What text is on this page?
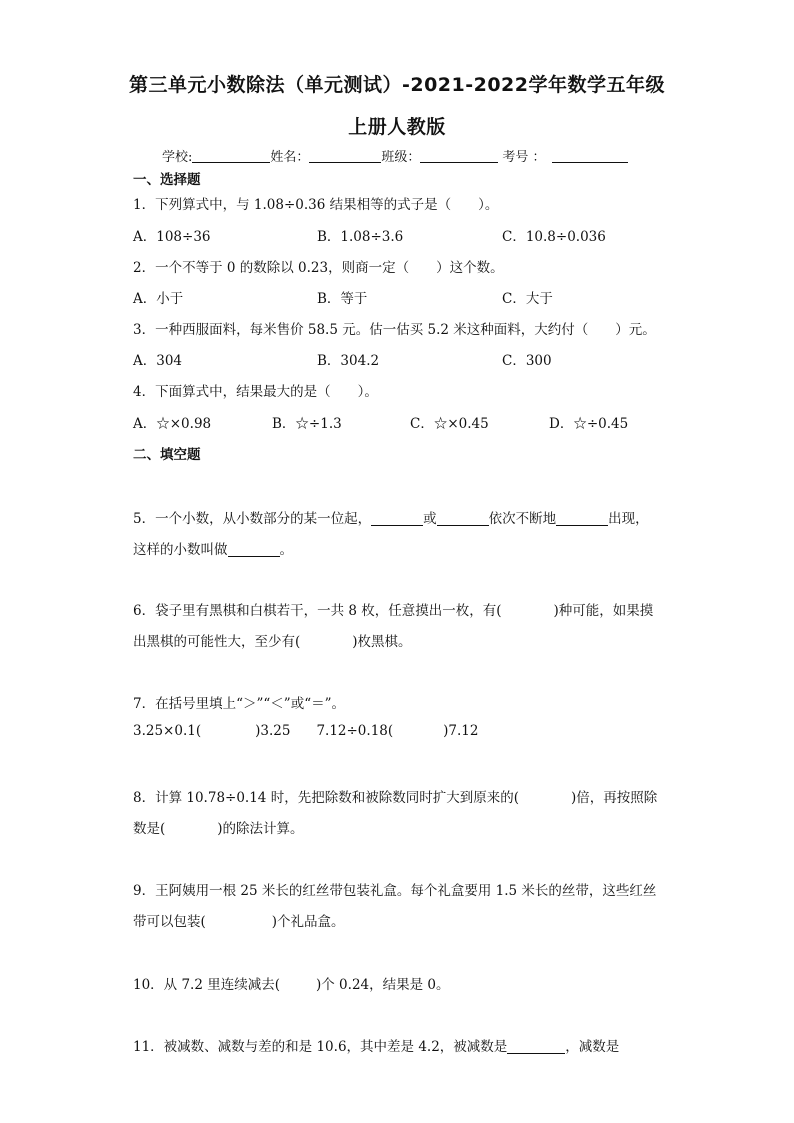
第三单元小数除法（单元测试）-2021-2022学年数学五年级
上册人教版
学校:	姓名：	班级：	考号 ：
一、选择题
1．下列算式中，与 1.08÷0.36 结果相等的式子是（　　）。
A．108÷36	B．1.08÷3.6	C．10.8÷0.036
2．一个不等于 0 的数除以 0.23，则商一定（　　）这个数。
A．小于	B．等于	C．大于
3．一种西服面料，每米售价 58.5 元。估一估买 5.2 米这种面料，大约付（　　）元。
A．304	B．304.2	C．300
4．下面算式中，结果最大的是（　　）。
A．☆×0.98	B．☆÷1.3	C．☆×0.45	D．☆÷0.45
二、填空题
5．一个小数，从小数部分的某一位起，	或	依次不断地	出现，
这样的小数叫做	。
6．袋子里有黑棋和白棋若干，一共 8 枚，任意摸出一枚，有(	)种可能，如果摸
出黑棋的可能性大，至少有(	)枚黑棋。
7．在括号里填上“＞”“＜”或“＝”。
3.25×0.1(	)3.25 7.12÷0.18(	)7.12
8．计算 10.78÷0.14 时，先把除数和被除数同时扩大到原来的(	)倍，再按照除
数是(	)的除法计算。
9．王阿姨用一根 25 米长的红丝带包装礼盒。每个礼盒要用 1.5 米长的丝带，这些红丝
带可以包装(	)个礼品盒。
10．从 7.2 里连续减去(	)个 0.24，结果是 0。
11．被减数、减数与差的和是 10.6，其中差是 4.2，被减数是	，减数是
